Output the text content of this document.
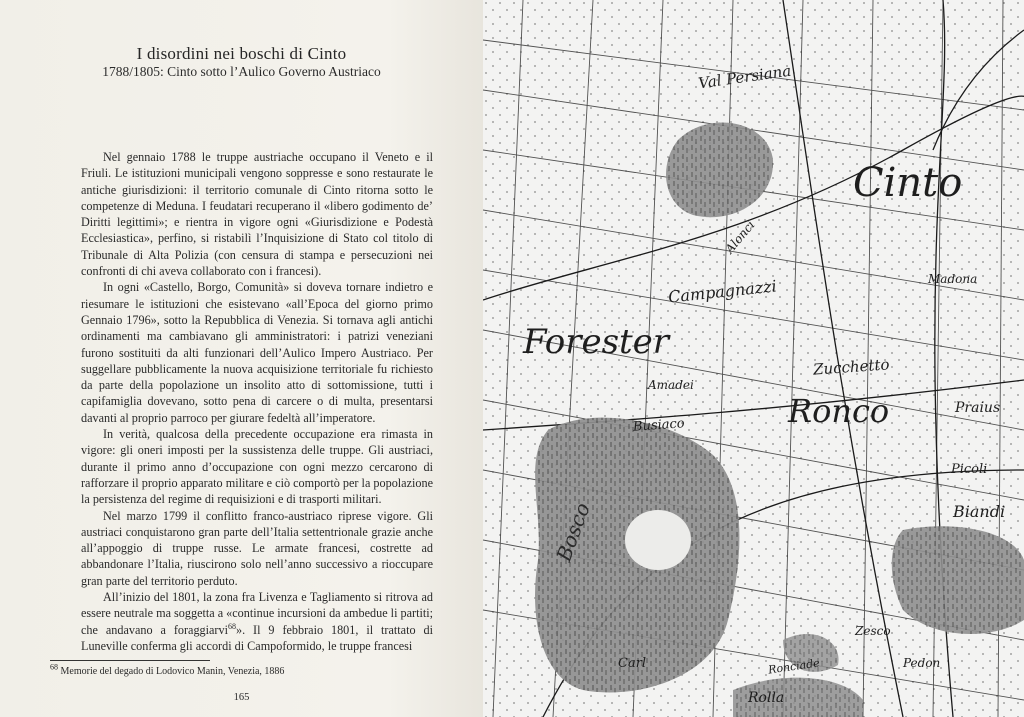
I disordini nei boschi di Cinto
1788/1805: Cinto sotto l’Aulico Governo Austriaco

Nel gennaio 1788 le truppe austriache occupano il Veneto e il Friuli. Le istituzioni municipali vengono soppresse e sono restaurate le antiche giurisdizioni: il territorio comunale di Cinto ritorna sotto le competenze di Meduna. I feudatari recuperano il «libero godimento de’ Diritti legittimi»; e rientra in vigore ogni «Giurisdizione e Podestà Ecclesiastica», perfino, si ristabilì l’Inquisizione di Stato col titolo di Tribunale di Alta Polizia (con censura di stampa e persecuzioni nei confronti di chi aveva collaborato con i francesi).

In ogni «Castello, Borgo, Comunità» si doveva tornare indietro e riesumare le istituzioni che esistevano «all’Epoca del giorno primo Gennaio 1796», sotto la Repubblica di Venezia. Si tornava agli antichi ordinamenti ma cambiavano gli amministratori: i patrizi veneziani furono sostituiti da alti funzionari dell’Aulico Impero Austriaco. Per suggellare pubblicamente la nuova acquisizione territoriale fu richiesto da parte della popolazione un insolito atto di sottomissione, tutti i capifamiglia dovevano, sotto pena di carcere o di multa, presentarsi davanti al proprio parroco per giurare fedeltà all’imperatore.

In verità, qualcosa della precedente occupazione era rimasta in vigore: gli oneri imposti per la sussistenza delle truppe. Gli austriaci, durante il primo anno d’occupazione con ogni mezzo cercarono di rafforzare il proprio apparato militare e ciò comportò per la popolazione la persistenza del regime di requisizioni e di trasporti militari.

Nel marzo 1799 il conflitto franco-austriaco riprese vigore. Gli austriaci conquistarono gran parte dell’Italia settentrionale grazie anche all’appoggio di truppe russe. Le armate francesi, costrette ad abbandonare l’Italia, riuscirono solo nell’anno successivo a rioccupare gran parte del territorio perduto.

All’inizio del 1801, la zona fra Livenza e Tagliamento si ritrova ad essere neutrale ma soggetta a «continue incursioni da ambedue li partiti; che andavano a foraggiarvi$^{68}$». Il 9 febbraio 1801, il trattato di Luneville conferma gli accordi di Campoformido, le truppe francesi

$^{68}$ Memorie del degado di Lodovico Manin, Venezia, 1886
165
Val Persiana
Cinto
Ronco
Forester
Campagnazzi
Zucchetto
Madona
Bosco
Amadei
Busiaco
Praius
Picoli
Biandi
Zesco
Pedon
Ronciade
Rolla
Alonci
Carl
